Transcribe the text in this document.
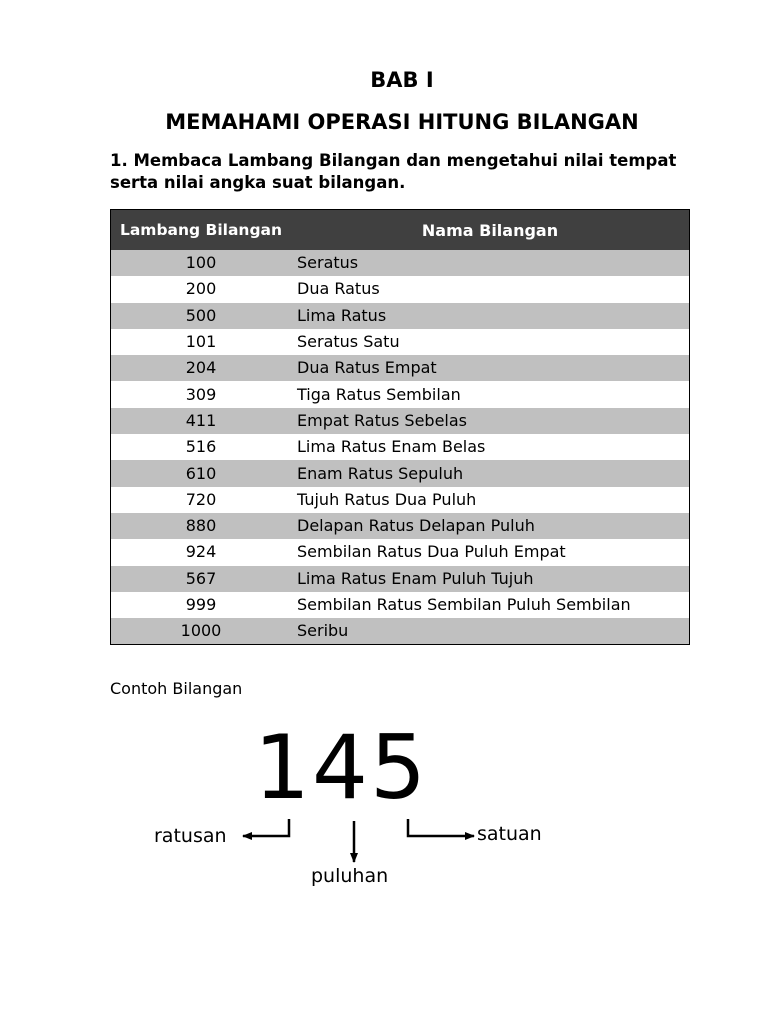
BAB I
MEMAHAMI OPERASI HITUNG BILANGAN
1. Membaca Lambang Bilangan dan mengetahui nilai tempat serta nilai angka suat bilangan.
Lambang Bilangan	Nama Bilangan
100	Seratus
200	Dua Ratus
500	Lima Ratus
101	Seratus Satu
204	Dua Ratus Empat
309	Tiga Ratus Sembilan
411	Empat Ratus Sebelas
516	Lima Ratus Enam Belas
610	Enam Ratus Sepuluh
720	Tujuh Ratus Dua Puluh
880	Delapan Ratus Delapan Puluh
924	Sembilan Ratus Dua Puluh Empat
567	Lima Ratus Enam Puluh Tujuh
999	Sembilan Ratus Sembilan Puluh Sembilan
1000	Seribu
Contoh Bilangan
145
ratusan
puluhan
satuan
